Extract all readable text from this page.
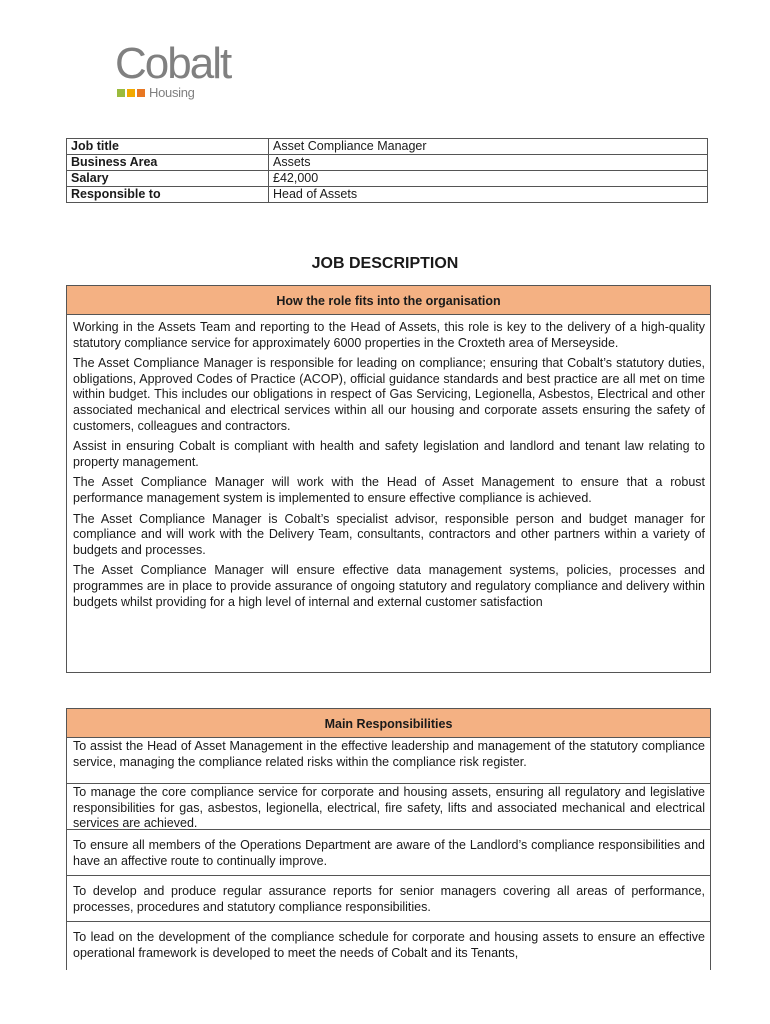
Cobalt
Housing
Job title	Asset Compliance Manager
Business Area	Assets
Salary	£42,000
Responsible to	Head of Assets
JOB DESCRIPTION
How the role fits into the organisation

Working in the Assets Team and reporting to the Head of Assets, this role is key to the delivery of a high-quality statutory compliance service for approximately 6000 properties in the Croxteth area of Merseyside.

The Asset Compliance Manager is responsible for leading on compliance; ensuring that Cobalt’s statutory duties, obligations, Approved Codes of Practice (ACOP), official guidance standards and best practice are all met on time within budget. This includes our obligations in respect of Gas Servicing, Legionella, Asbestos, Electrical and other associated mechanical and electrical services within all our housing and corporate assets ensuring the safety of customers, colleagues and contractors.

Assist in ensuring Cobalt is compliant with health and safety legislation and landlord and tenant law relating to property management.

The Asset Compliance Manager will work with the Head of Asset Management to ensure that a robust performance management system is implemented to ensure effective compliance is achieved.

The Asset Compliance Manager is Cobalt’s specialist advisor, responsible person and budget manager for compliance and will work with the Delivery Team, consultants, contractors and other partners within a variety of budgets and processes.

The Asset Compliance Manager will ensure effective data management systems, policies, processes and programmes are in place to provide assurance of ongoing statutory and regulatory compliance and delivery within budgets whilst providing for a high level of internal and external customer satisfaction

Main Responsibilities
To assist the Head of Asset Management in the effective leadership and management of the statutory compliance service, managing the compliance related risks within the compliance risk register.
To manage the core compliance service for corporate and housing assets, ensuring all regulatory and legislative responsibilities for gas, asbestos, legionella, electrical, fire safety, lifts and associated mechanical and electrical services are achieved.
To ensure all members of the Operations Department are aware of the Landlord’s compliance responsibilities and have an affective route to continually improve.
To develop and produce regular assurance reports for senior managers covering all areas of performance, processes, procedures and statutory compliance responsibilities.
To lead on the development of the compliance schedule for corporate and housing assets to ensure an effective operational framework is developed to meet the needs of Cobalt and its Tenants,
